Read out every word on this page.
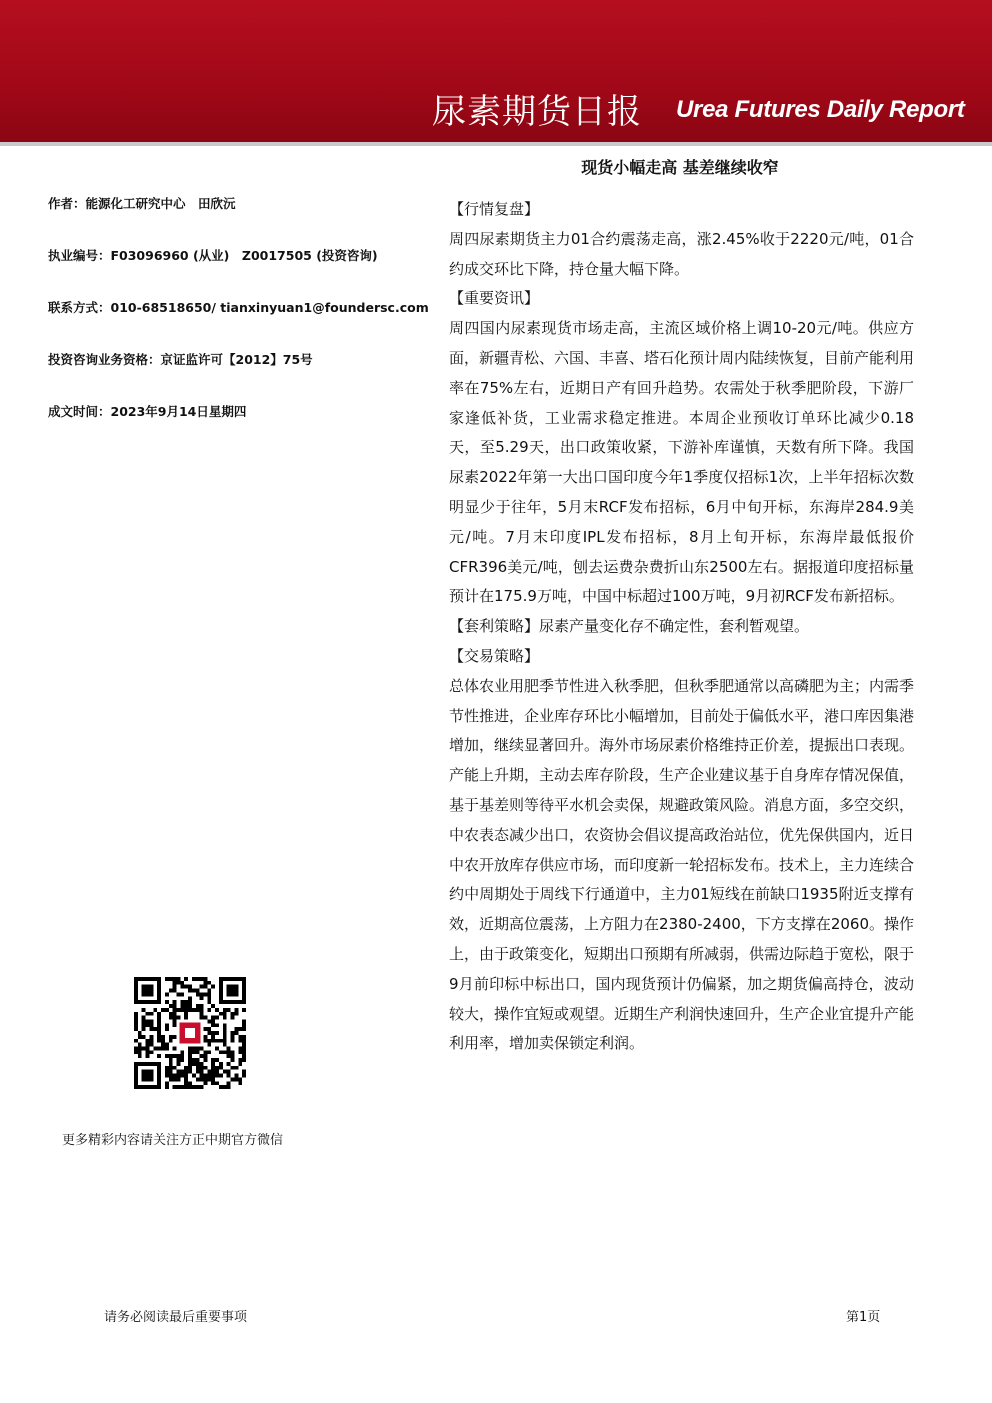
尿素期货日报 Urea Futures Daily Report
现货小幅走高 基差继续收窄
作者：能源化工研究中心　田欣沅
执业编号：F03096960 (从业)　Z0017505 (投资咨询)
联系方式：010-68518650/ tianxinyuan1@foundersc.com
投资咨询业务资格：京证监许可【2012】75号
成文时间：2023年9月14日星期四

【行情复盘】

周四尿素期货主力01合约震荡走高，涨2.45%收于2220元/吨，01合约成交环比下降，持仓量大幅下降。

【重要资讯】

周四国内尿素现货市场走高，主流区域价格上调10-20元/吨。供应方面，新疆青松、六国、丰喜、塔石化预计周内陆续恢复，目前产能利用率在75%左右，近期日产有回升趋势。农需处于秋季肥阶段，下游厂家逢低补货，工业需求稳定推进。本周企业预收订单环比减少0.18天，至5.29天，出口政策收紧，下游补库谨慎，天数有所下降。我国尿素2022年第一大出口国印度今年1季度仅招标1次，上半年招标次数明显少于往年，5月末RCF发布招标，6月中旬开标，东海岸284.9美元/吨。7月末印度IPL发布招标，8月上旬开标，东海岸最低报价CFR396美元/吨，刨去运费杂费折山东2500左右。据报道印度招标量预计在175.9万吨，中国中标超过100万吨，9月初RCF发布新招标。

【套利策略】尿素产量变化存不确定性，套利暂观望。

【交易策略】

总体农业用肥季节性进入秋季肥，但秋季肥通常以高磷肥为主；内需季节性推进，企业库存环比小幅增加，目前处于偏低水平，港口库因集港增加，继续显著回升。海外市场尿素价格维持正价差，提振出口表现。产能上升期，主动去库存阶段，生产企业建议基于自身库存情况保值，基于基差则等待平水机会卖保，规避政策风险。消息方面，多空交织，中农表态减少出口，农资协会倡议提高政治站位，优先保供国内，近日中农开放库存供应市场，而印度新一轮招标发布。技术上，主力连续合约中周期处于周线下行通道中，主力01短线在前缺口1935附近支撑有效，近期高位震荡，上方阻力在2380-2400，下方支撑在2060。操作上，由于政策变化，短期出口预期有所减弱，供需边际趋于宽松，限于9月前印标中标出口，国内现货预计仍偏紧，加之期货偏高持仓，波动较大，操作宜短或观望。近期生产利润快速回升，生产企业宜提升产能利用率，增加卖保锁定利润。

更多精彩内容请关注方正中期官方微信
请务必阅读最后重要事项	第1页
